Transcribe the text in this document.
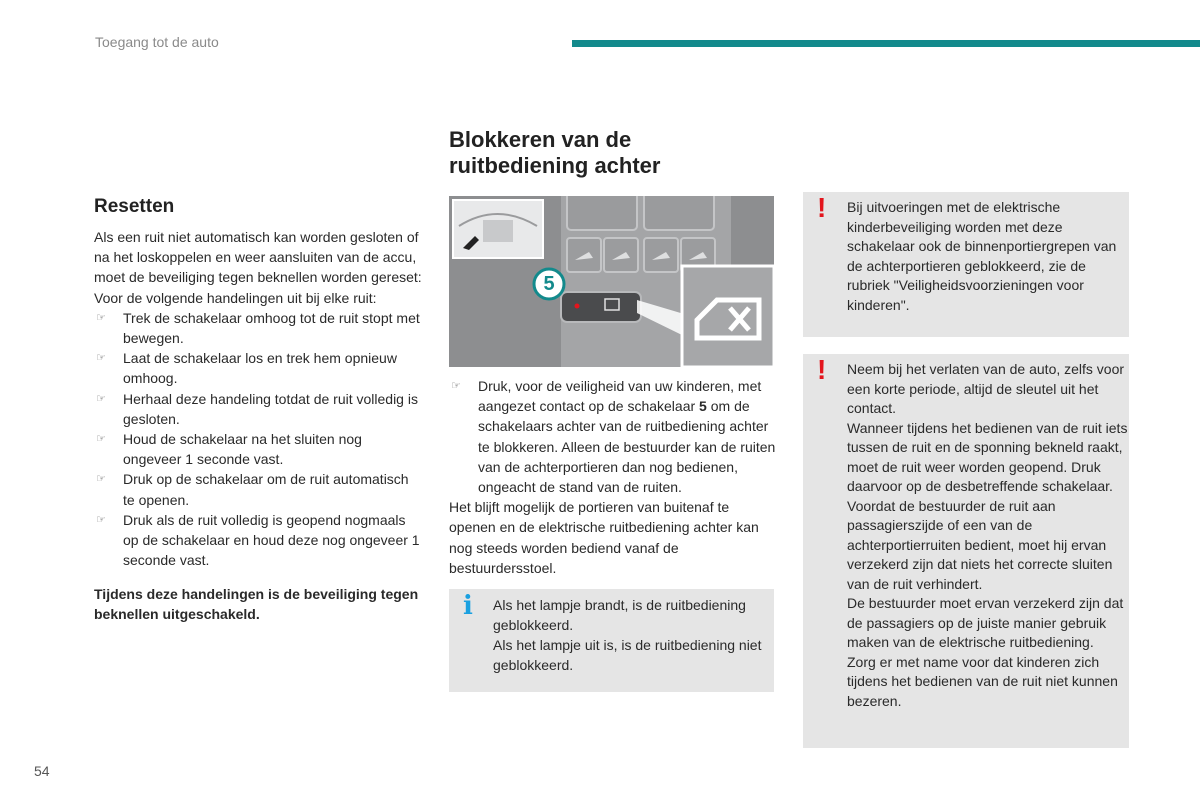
Toegang tot de auto
Resetten

Als een ruit niet automatisch kan worden gesloten of na het loskoppelen en weer aansluiten van de accu, moet de beveiliging tegen beknellen worden gereset:

Voor de volgende handelingen uit bij elke ruit:

☞ Trek de schakelaar omhoog tot de ruit stopt met bewegen.
☞ Laat de schakelaar los en trek hem opnieuw omhoog.
☞ Herhaal deze handeling totdat de ruit volledig is gesloten.
☞ Houd de schakelaar na het sluiten nog ongeveer 1 seconde vast.
☞ Druk op de schakelaar om de ruit automatisch te openen.
☞ Druk als de ruit volledig is geopend nogmaals op de schakelaar en houd deze nog ongeveer 1 seconde vast.
Tijdens deze handelingen is de beveiliging tegen beknellen uitgeschakeld.
Blokkeren van de
ruitbediening achter
5
☞ Druk, voor de veiligheid van uw kinderen, met aangezet contact op de schakelaar 5 om de schakelaars achter van de ruitbediening achter te blokkeren. Alleen de bestuurder kan de ruiten van de achterportieren dan nog bedienen, ongeacht de stand van de ruiten.

Het blijft mogelijk de portieren van buitenaf te openen en de elektrische ruitbediening achter kan nog steeds worden bediend vanaf de bestuurdersstoel.

i Als het lampje brandt, is de ruitbediening geblokkeerd.
Als het lampje uit is, is de ruitbediening niet geblokkeerd.
! Bij uitvoeringen met de elektrische kinderbeveiliging worden met deze schakelaar ook de binnenportiergrepen van de achterportieren geblokkeerd, zie de rubriek "Veiligheidsvoorzieningen voor kinderen".
! Neem bij het verlaten van de auto, zelfs voor een korte periode, altijd de sleutel uit het contact.
Wanneer tijdens het bedienen van de ruit iets tussen de ruit en de sponning bekneld raakt, moet de ruit weer worden geopend. Druk daarvoor op de desbetreffende schakelaar.
Voordat de bestuurder de ruit aan passagierszijde of een van de achterportierruiten bedient, moet hij ervan verzekerd zijn dat niets het correcte sluiten van de ruit verhindert.
De bestuurder moet ervan verzekerd zijn dat de passagiers op de juiste manier gebruik maken van de elektrische ruitbediening.
Zorg er met name voor dat kinderen zich tijdens het bedienen van de ruit niet kunnen bezeren.
54
